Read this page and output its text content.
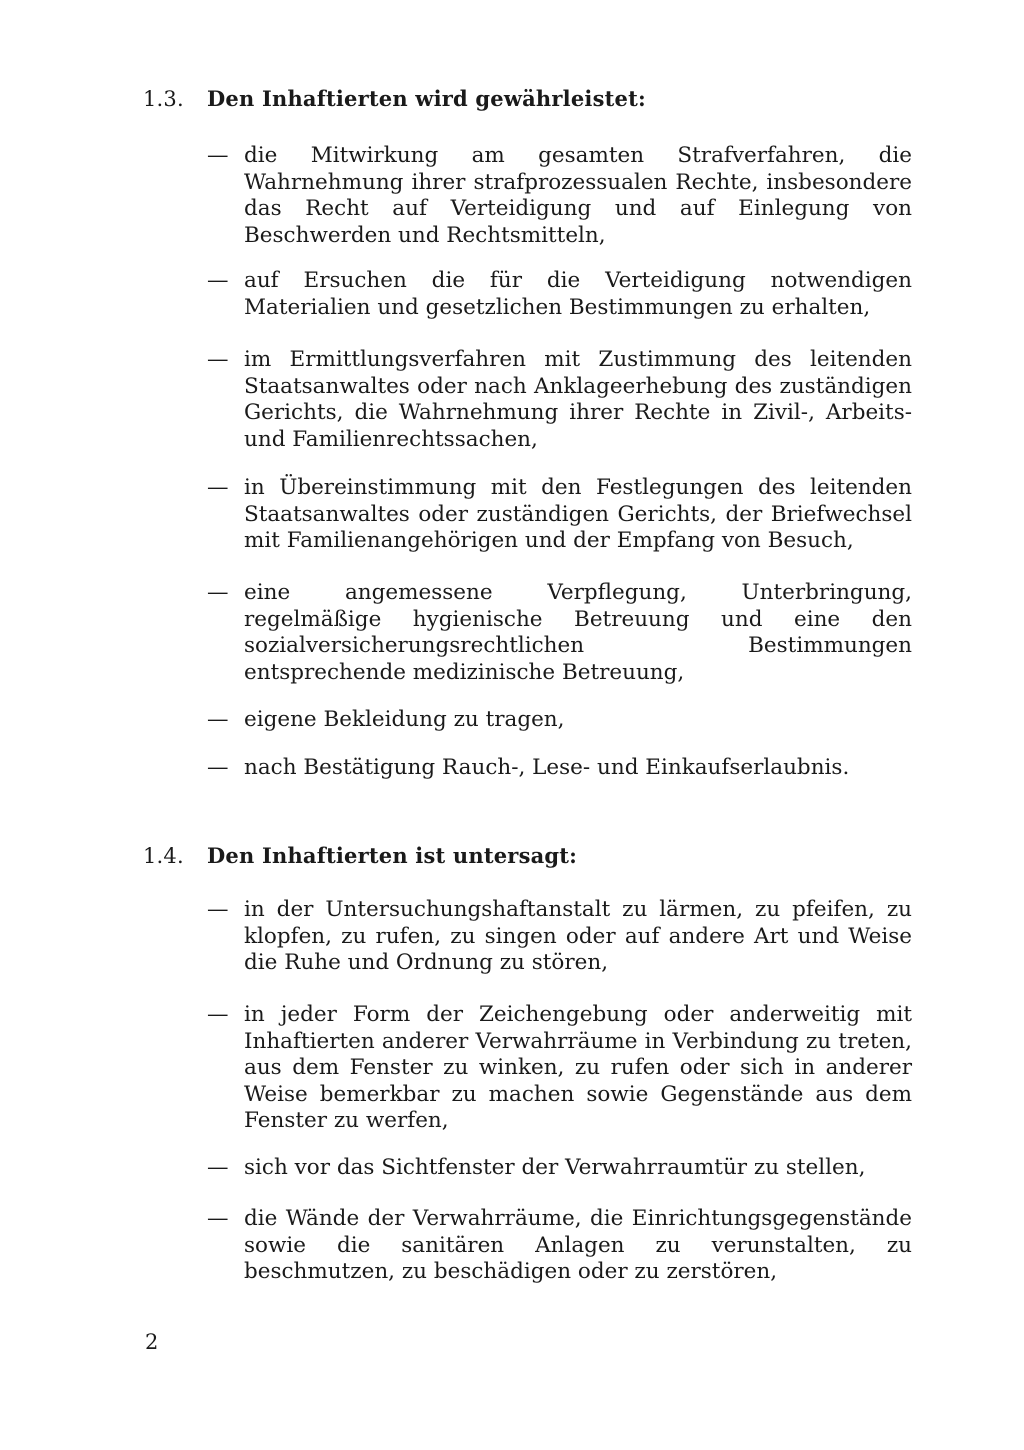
1.3. Den Inhaftierten wird gewährleistet:
— die Mitwirkung am gesamten Strafverfahren, die Wahrnehmung ihrer strafprozessualen Rechte, insbesondere das Recht auf Verteidigung und auf Einlegung von Beschwerden und Rechtsmitteln,
— auf Ersuchen die für die Verteidigung notwendigen Materialien und gesetzlichen Bestimmungen zu erhalten,
— im Ermittlungsverfahren mit Zustimmung des leitenden Staatsanwaltes oder nach Anklageerhebung des zuständigen Gerichts, die Wahrnehmung ihrer Rechte in Zivil-, Arbeits- und Familienrechtssachen,
— in Übereinstimmung mit den Festlegungen des leitenden Staatsanwaltes oder zuständigen Gerichts, der Briefwechsel mit Familienangehörigen und der Empfang von Besuch,
— eine angemessene Verpflegung, Unterbringung, regelmäßige hygienische Betreuung und eine den sozialversicherungsrechtlichen Bestimmungen entsprechende medizinische Betreuung,
— eigene Bekleidung zu tragen,
— nach Bestätigung Rauch-, Lese- und Einkaufserlaubnis.
1.4. Den Inhaftierten ist untersagt:
— in der Untersuchungshaftanstalt zu lärmen, zu pfeifen, zu klopfen, zu rufen, zu singen oder auf andere Art und Weise die Ruhe und Ordnung zu stören,
— in jeder Form der Zeichengebung oder anderweitig mit Inhaftierten anderer Verwahrräume in Verbindung zu treten, aus dem Fenster zu winken, zu rufen oder sich in anderer Weise bemerkbar zu machen sowie Gegenstände aus dem Fenster zu werfen,
— sich vor das Sichtfenster der Verwahrraumtür zu stellen,
— die Wände der Verwahrräume, die Einrichtungsgegenstände sowie die sanitären Anlagen zu verunstalten, zu beschmutzen, zu beschädigen oder zu zerstören,
2
